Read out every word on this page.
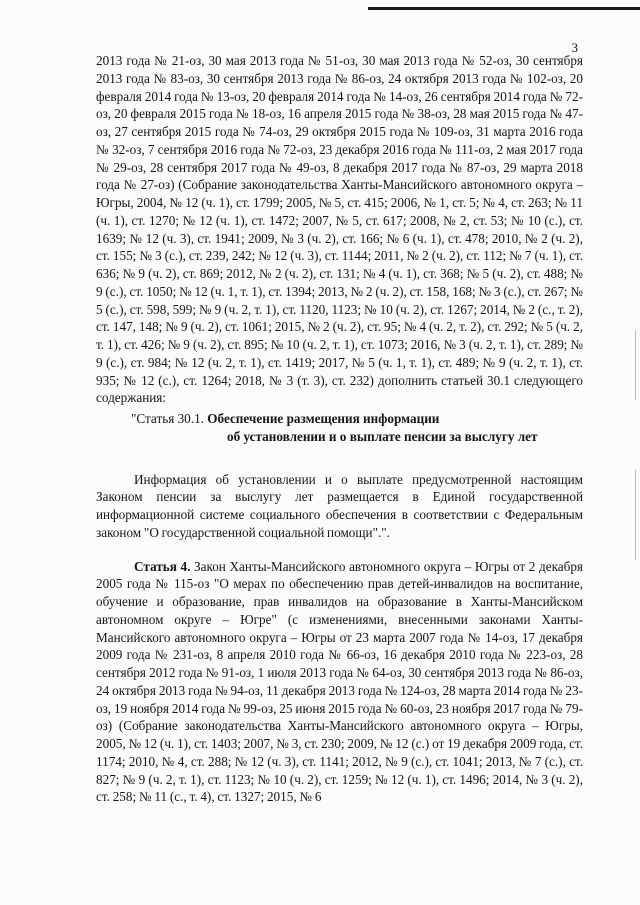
3

2013 года № 21-оз, 30 мая 2013 года № 51-оз, 30 мая 2013 года № 52-оз, 30 сентября 2013 года № 83-оз, 30 сентября 2013 года № 86-оз, 24 октября 2013 года № 102-оз, 20 февраля 2014 года № 13-оз, 20 февраля 2014 года № 14-оз, 26 сентября 2014 года № 72-оз, 20 февраля 2015 года № 18-оз, 16 апреля 2015 года № 38-оз, 28 мая 2015 года № 47-оз, 27 сентября 2015 года № 74-оз, 29 октября 2015 года № 109-оз, 31 марта 2016 года № 32-оз, 7 сентября 2016 года № 72-оз, 23 декабря 2016 года № 111-оз, 2 мая 2017 года № 29-оз, 28 сентября 2017 года № 49-оз, 8 декабря 2017 года № 87-оз, 29 марта 2018 года № 27-оз) (Собрание законодательства Ханты-Мансийского автономного округа – Югры, 2004, № 12 (ч. 1), ст. 1799; 2005, № 5, ст. 415; 2006, № 1, ст. 5; № 4, ст. 263; № 11 (ч. 1), ст. 1270; № 12 (ч. 1), ст. 1472; 2007, № 5, ст. 617; 2008, № 2, ст. 53; № 10 (с.), ст. 1639; № 12 (ч. 3), ст. 1941; 2009, № 3 (ч. 2), ст. 166; № 6 (ч. 1), ст. 478; 2010, № 2 (ч. 2), ст. 155; № 3 (с.), ст. 239, 242; № 12 (ч. 3), ст. 1144; 2011, № 2 (ч. 2), ст. 112; № 7 (ч. 1), ст. 636; № 9 (ч. 2), ст. 869; 2012, № 2 (ч. 2), ст. 131; № 4 (ч. 1), ст. 368; № 5 (ч. 2), ст. 488; № 9 (с.), ст. 1050; № 12 (ч. 1, т. 1), ст. 1394; 2013, № 2 (ч. 2), ст. 158, 168; № 3 (с.), ст. 267; № 5 (с.), ст. 598, 599; № 9 (ч. 2, т. 1), ст. 1120, 1123; № 10 (ч. 2), ст. 1267; 2014, № 2 (с., т. 2), ст. 147, 148; № 9 (ч. 2), ст. 1061; 2015, № 2 (ч. 2), ст. 95; № 4 (ч. 2, т. 2), ст. 292; № 5 (ч. 2, т. 1), ст. 426; № 9 (ч. 2), ст. 895; № 10 (ч. 2, т. 1), ст. 1073; 2016, № 3 (ч. 2, т. 1), ст. 289; № 9 (с.), ст. 984; № 12 (ч. 2, т. 1), ст. 1419; 2017, № 5 (ч. 1, т. 1), ст. 489; № 9 (ч. 2, т. 1), ст. 935; № 12 (с.), ст. 1264; 2018, № 3 (т. 3), ст. 232) дополнить статьей 30.1 следующего содержания:

"Статья 30.1. Обеспечение размещения информации
об установлении и о выплате пенсии за выслугу лет

Информация об установлении и о выплате предусмотренной настоящим Законом пенсии за выслугу лет размещается в Единой государственной информационной системе социального обеспечения в соответствии с Федеральным законом "О государственной социальной помощи".".

Статья 4. Закон Ханты-Мансийского автономного округа – Югры от 2 декабря 2005 года № 115-оз "О мерах по обеспечению прав детей-инвалидов на воспитание, обучение и образование, прав инвалидов на образование в Ханты-Мансийском автономном округе – Югре" (с изменениями, внесенными законами Ханты-Мансийского автономного округа – Югры от 23 марта 2007 года № 14-оз, 17 декабря 2009 года № 231-оз, 8 апреля 2010 года № 66-оз, 16 декабря 2010 года № 223-оз, 28 сентября 2012 года № 91-оз, 1 июля 2013 года № 64-оз, 30 сентября 2013 года № 86-оз, 24 октября 2013 года № 94-оз, 11 декабря 2013 года № 124-оз, 28 марта 2014 года № 23-оз, 19 ноября 2014 года № 99-оз, 25 июня 2015 года № 60-оз, 23 ноября 2017 года № 79-оз) (Собрание законодательства Ханты-Мансийского автономного округа – Югры, 2005, № 12 (ч. 1), ст. 1403; 2007, № 3, ст. 230; 2009, № 12 (с.) от 19 декабря 2009 года, ст. 1174; 2010, № 4, ст. 288; № 12 (ч. 3), ст. 1141; 2012, № 9 (с.), ст. 1041; 2013, № 7 (с.), ст. 827; № 9 (ч. 2, т. 1), ст. 1123; № 10 (ч. 2), ст. 1259; № 12 (ч. 1), ст. 1496; 2014, № 3 (ч. 2), ст. 258; № 11 (с., т. 4), ст. 1327; 2015, № 6
